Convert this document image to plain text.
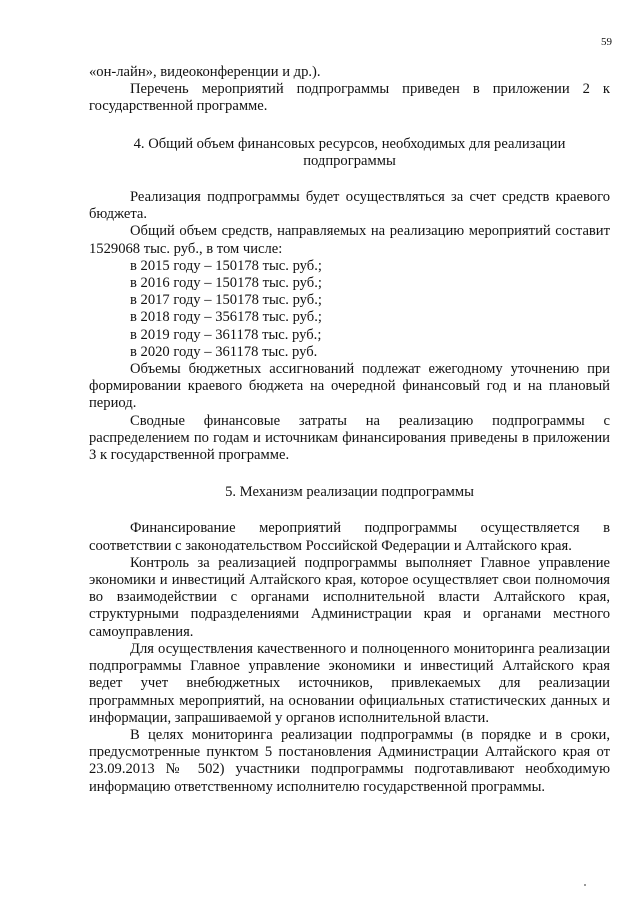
59

«он-лайн», видеоконференции и др.).

Перечень мероприятий подпрограммы приведен в приложении 2 к государственной программе.

4. Общий объем финансовых ресурсов, необходимых для реализации подпрограммы

Реализация подпрограммы будет осуществляться за счет средств краевого бюджета.

Общий объем средств, направляемых на реализацию мероприятий составит 1529068 тыс. руб., в том числе:

в 2015 году – 150178 тыс. руб.;

в 2016 году – 150178 тыс. руб.;

в 2017 году – 150178 тыс. руб.;

в 2018 году – 356178 тыс. руб.;

в 2019 году – 361178 тыс. руб.;

в 2020 году – 361178 тыс. руб.

Объемы бюджетных ассигнований подлежат ежегодному уточнению при формировании краевого бюджета на очередной финансовый год и на плановый период.

Сводные финансовые затраты на реализацию подпрограммы с распределением по годам и источникам финансирования приведены в приложении 3 к государственной программе.

5. Механизм реализации подпрограммы

Финансирование мероприятий подпрограммы осуществляется в соответствии с законодательством Российской Федерации и Алтайского края.

Контроль за реализацией подпрограммы выполняет Главное управление экономики и инвестиций Алтайского края, которое осуществляет свои полномочия во взаимодействии с органами исполнительной власти Алтайского края, структурными подразделениями Администрации края и органами местного самоуправления.

Для осуществления качественного и полноценного мониторинга реализации подпрограммы Главное управление экономики и инвестиций Алтайского края ведет учет внебюджетных источников, привлекаемых для реализации программных мероприятий, на основании официальных статистических данных и информации, запрашиваемой у органов исполнительной власти.

В целях мониторинга реализации подпрограммы (в порядке и в сроки, предусмотренные пунктом 5 постановления Администрации Алтайского края от 23.09.2013 № 502) участники подпрограммы подготавливают необходимую информацию ответственному исполнителю государственной программы.
